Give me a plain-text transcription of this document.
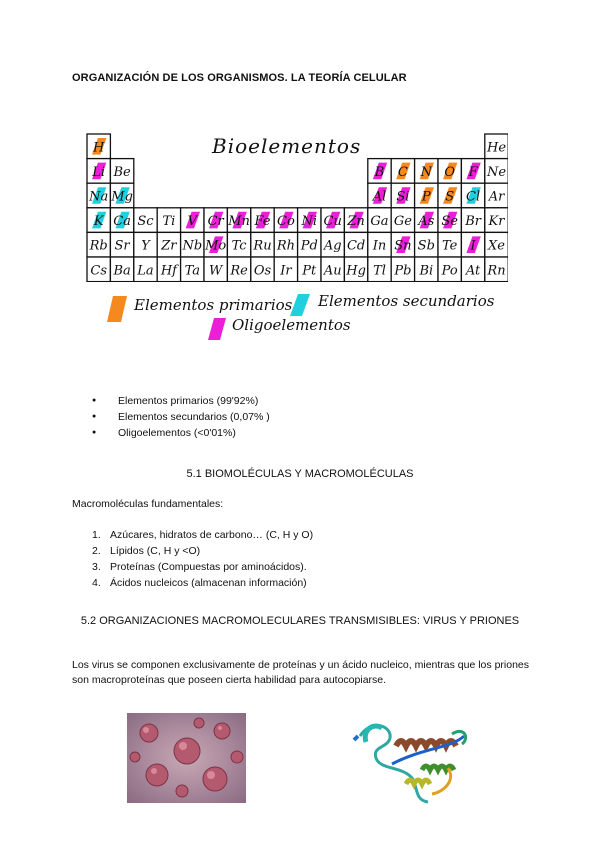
ORGANIZACIÓN DE LOS ORGANISMOS. LA TEORÍA CELULAR
H	He
Li Be	B C N O F Ne
Na Mg	Al Si P S Cl Ar
K Ca Sc Ti V Cr Mn Fe Co Ni Cu Zn Ga Ge As Se Br Kr
Rb Sr Y Zr Nb Mo Tc Ru Rh Pd Ag Cd In Sn Sb Te I Xe
Cs Ba La Hf Ta W Re Os Ir Pt Au Hg Tl Pb Bi Po At Rn
Bioelementos
Elementos primarios Elementos secundarios
Oligoelementos
● Elementos primarios (99'92%)
● Elementos secundarios (0,07% )
● Oligoelementos (<0'01%)
5.1 BIOMOLÉCULAS Y MACROMOLÉCULAS
Macromoléculas fundamentales:
1. Azúcares, hidratos de carbono… (C, H y O)
2. Lípidos (C, H y <O)
3. Proteínas (Compuestas por aminoácidos).
4. Ácidos nucleicos (almacenan información)
5.2 ORGANIZACIONES MACROMOLECULARES TRANSMISIBLES: VIRUS Y PRIONES
Los virus se componen exclusivamente de proteínas y un ácido nucleico, mientras que los priones son macroproteínas que poseen cierta habilidad para autocopiarse.
